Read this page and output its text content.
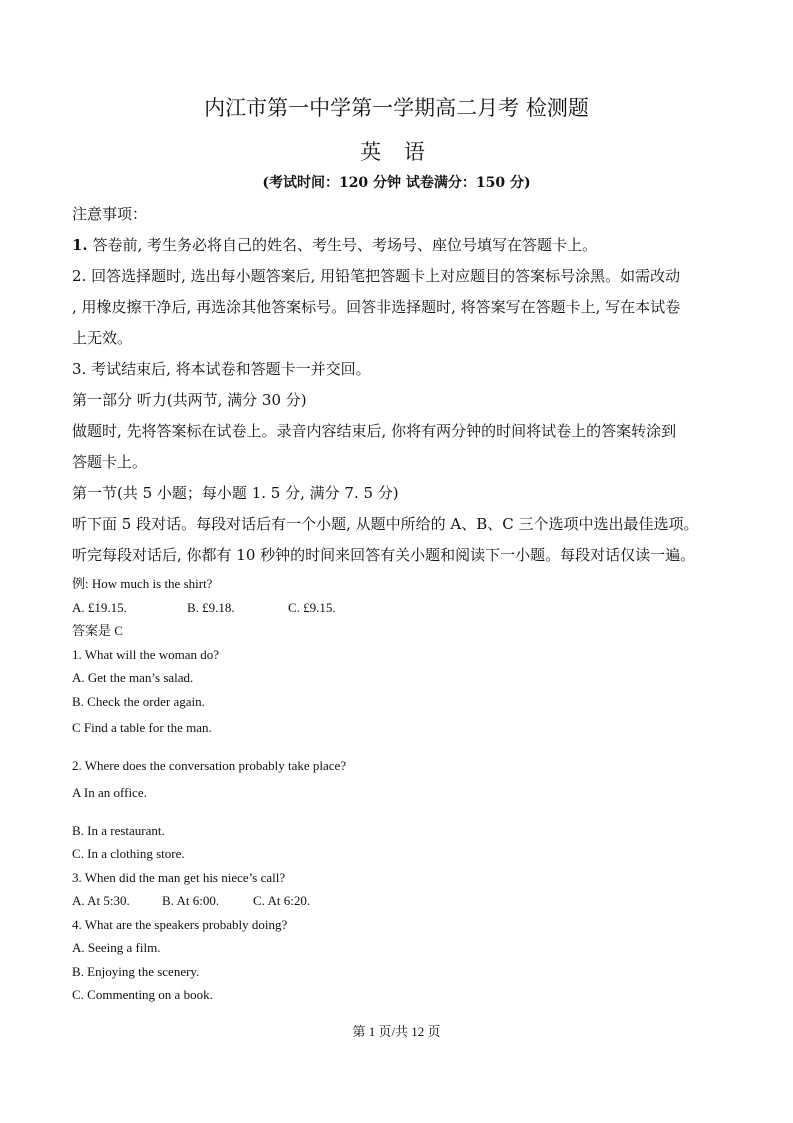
内江市第一中学第一学期高二月考 检测题
英 语
(考试时间：120 分钟 试卷满分：150 分)
注意事项：
1. 答卷前, 考生务必将自己的姓名、考生号、考场号、座位号填写在答题卡上。
2. 回答选择题时, 选出每小题答案后, 用铅笔把答题卡上对应题目的答案标号涂黑。如需改动
, 用橡皮擦干净后, 再选涂其他答案标号。回答非选择题时, 将答案写在答题卡上, 写在本试卷
上无效。
3. 考试结束后, 将本试卷和答题卡一并交回。
第一部分 听力(共两节, 满分 30 分)
做题时, 先将答案标在试卷上。录音内容结束后, 你将有两分钟的时间将试卷上的答案转涂到
答题卡上。
第一节(共 5 小题；每小题 1. 5 分, 满分 7. 5 分)
听下面 5 段对话。每段对话后有一个小题, 从题中所给的 A、B、C 三个选项中选出最佳选项。
听完每段对话后, 你都有 10 秒钟的时间来回答有关小题和阅读下一小题。每段对话仅读一遍。
例: How much is the shirt?
A. £19.15.	B. £9.18.	C. £9.15.
答案是 C
1. What will the woman do?
A. Get the man’s salad.
B. Check the order again.
C Find a table for the man.
2. Where does the conversation probably take place?
A In an office.
B. In a restaurant.
C. In a clothing store.
3. When did the man get his niece’s call?
A. At 5:30. B. At 6:00.	C. At 6:20.
4. What are the speakers probably doing?
A. Seeing a film.
B. Enjoying the scenery.
C. Commenting on a book.
第 1 页/共 12 页
